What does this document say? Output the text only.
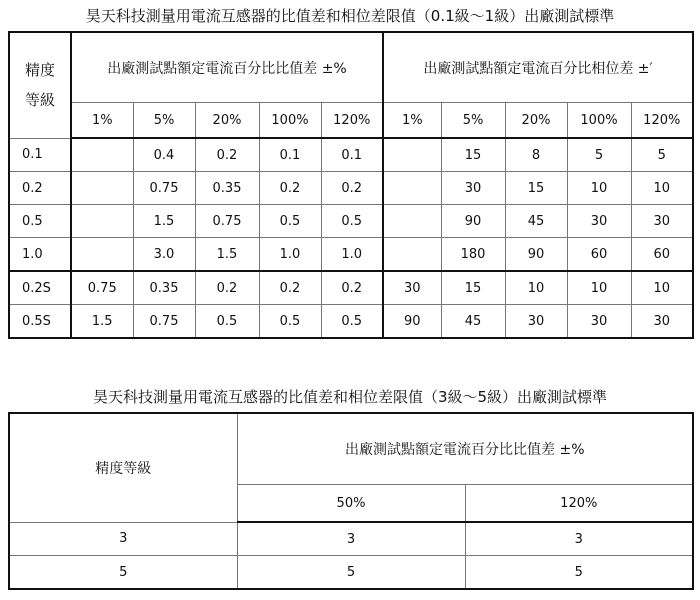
昊天科技測量用電流互感器的比值差和相位差限值（0.1級～1級）出廠測試標準
精度等級	出廠測試點額定電流百分比比值差 ±%					出廠測試點額定電流百分比相位差 ±′				
	1%	5%	20%	100%	120%	1%	5%	20%	100%	120%
0.1		0.4	0.2	0.1	0.1		15	8	5	5
0.2		0.75	0.35	0.2	0.2		30	15	10	10
0.5		1.5	0.75	0.5	0.5		90	45	30	30
1.0		3.0	1.5	1.0	1.0		180	90	60	60
0.2S	0.75	0.35	0.2	0.2	0.2	30	15	10	10	10
0.5S	1.5	0.75	0.5	0.5	0.5	90	45	30	30	30
昊天科技測量用電流互感器的比值差和相位差限值（3級～5級）出廠測試標準
精度等級	出廠測試點額定電流百分比比值差 ±%	
	50%	120%
3	3	3
5	5	5
